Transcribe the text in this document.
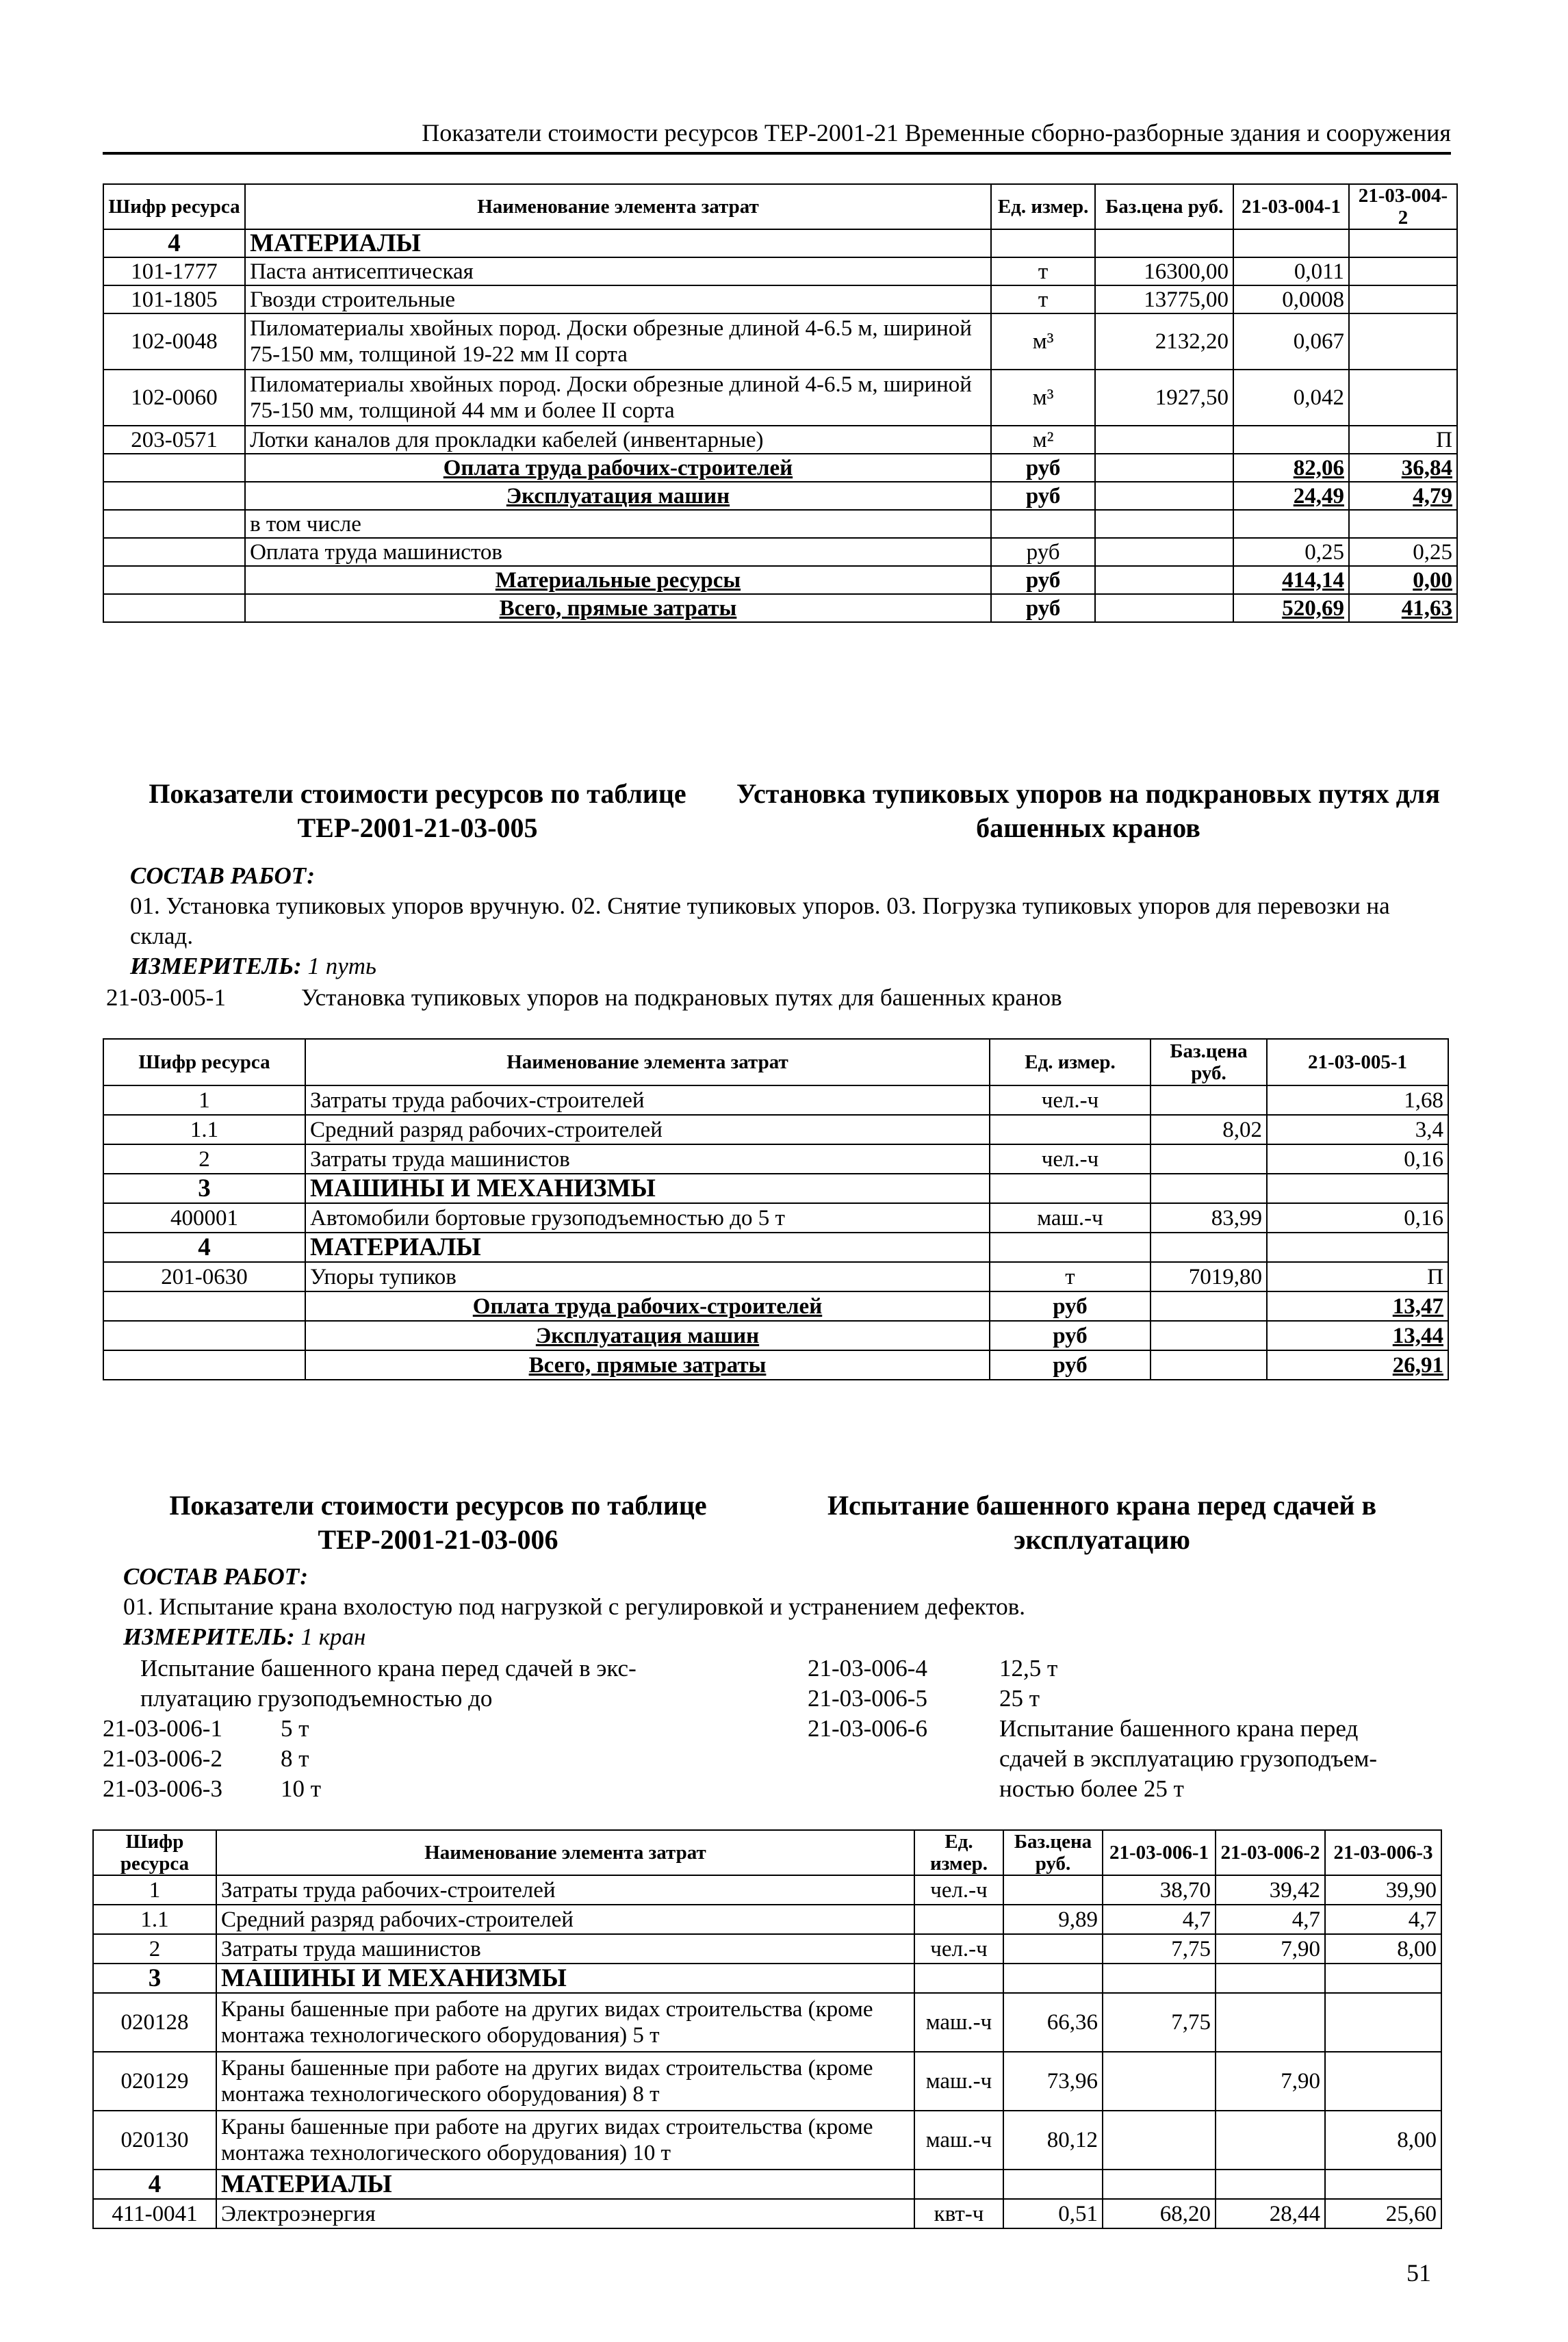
Показатели стоимости ресурсов ТЕР-2001-21 Временные сборно-разборные здания и сооружения
Шифр ресурса	Наименование элемента затрат	Ед. измер.	Баз.цена руб.	21-03-004-1	21-03-004-2
4	МАТЕРИАЛЫ				
101-1777	Паста антисептическая	т	16300,00	0,011	
101-1805	Гвозди строительные	т	13775,00	0,0008	
102-0048	Пиломатериалы хвойных пород. Доски обрезные длиной 4-6.5 м, шириной 75-150 мм, толщиной 19-22 мм II сорта	м³	2132,20	0,067	
102-0060	Пиломатериалы хвойных пород. Доски обрезные длиной 4-6.5 м, шириной 75-150 мм, толщиной 44 мм и более II сорта	м³	1927,50	0,042	
203-0571	Лотки каналов для прокладки кабелей (инвентарные)	м²			П
	Оплата труда рабочих-строителей	руб		82,06	36,84
	Эксплуатация машин	руб		24,49	4,79
	в том числе				
	Оплата труда машинистов	руб		0,25	0,25
	Материальные ресурсы	руб		414,14	0,00
	Всего, прямые затраты	руб		520,69	41,63
Показатели стоимости ресурсов по таблице ТЕР-2001-21-03-005
Установка тупиковых упоров на подкрановых путях для башенных кранов
СОСТАВ РАБОТ:
01. Установка тупиковых упоров вручную. 02. Снятие тупиковых упоров. 03. Погрузка тупиковых упоров для перевозки на склад.
ИЗМЕРИТЕЛЬ: 1 путь
21-03-005-1	Установка тупиковых упоров на подкрановых путях для башенных кранов
Шифр ресурса	Наименование элемента затрат	Ед. измер.	Баз.цена руб.	21-03-005-1
1	Затраты труда рабочих-строителей	чел.-ч		1,68
1.1	Средний разряд рабочих-строителей		8,02	3,4
2	Затраты труда машинистов	чел.-ч		0,16
3	МАШИНЫ И МЕХАНИЗМЫ			
400001	Автомобили бортовые грузоподъемностью до 5 т	маш.-ч	83,99	0,16
4	МАТЕРИАЛЫ			
201-0630	Упоры тупиков	т	7019,80	П
	Оплата труда рабочих-строителей	руб		13,47
	Эксплуатация машин	руб		13,44
	Всего, прямые затраты	руб		26,91
Показатели стоимости ресурсов по таблице ТЕР-2001-21-03-006
Испытание башенного крана перед сдачей в эксплуатацию
СОСТАВ РАБОТ:
01. Испытание крана вхолостую под нагрузкой с регулировкой и устранением дефектов.
ИЗМЕРИТЕЛЬ: 1 кран
Испытание башенного крана перед сдачей в экс-
плуатацию грузоподъемностью до
21-03-006-1 5 т
21-03-006-2 8 т
21-03-006-3 10 т
21-03-006-4	12,5 т
21-03-006-5	25 т
21-03-006-6	Испытание башенного крана перед
сдачей в эксплуатацию грузоподъем-
ностью более 25 т
Шифр ресурса	Наименование элемента затрат	Ед. измер.	Баз.цена руб.	21-03-006-1	21-03-006-2	21-03-006-3
1	Затраты труда рабочих-строителей	чел.-ч		38,70	39,42	39,90
1.1	Средний разряд рабочих-строителей		9,89	4,7	4,7	4,7
2	Затраты труда машинистов	чел.-ч		7,75	7,90	8,00
3	МАШИНЫ И МЕХАНИЗМЫ					
020128	Краны башенные при работе на других видах строительства (кроме монтажа технологического оборудования) 5 т	маш.-ч	66,36	7,75		
020129	Краны башенные при работе на других видах строительства (кроме монтажа технологического оборудования) 8 т	маш.-ч	73,96		7,90	
020130	Краны башенные при работе на других видах строительства (кроме монтажа технологического оборудования) 10 т	маш.-ч	80,12			8,00
4	МАТЕРИАЛЫ					
411-0041	Электроэнергия	квт-ч	0,51	68,20	28,44	25,60
51
